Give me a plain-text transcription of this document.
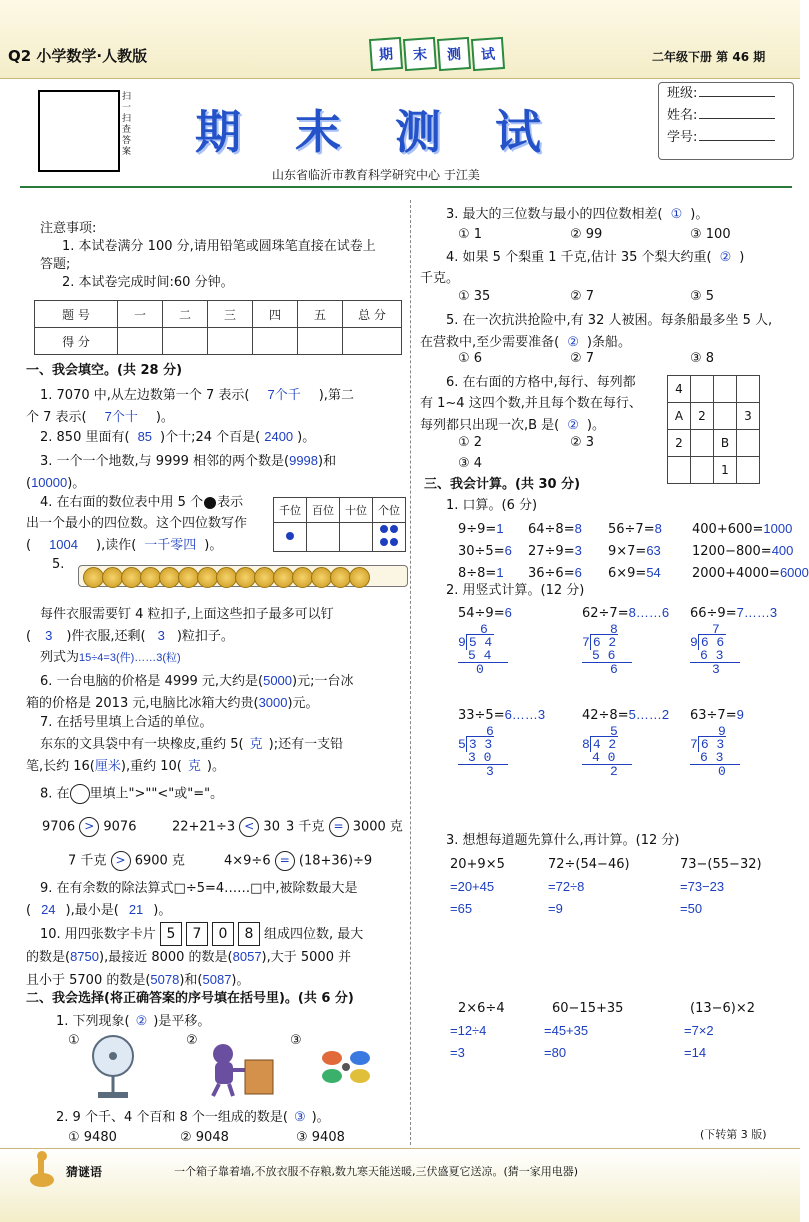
Q2 小学数学·人教版	期	末	测	试	二年级下册 第 46 期
扫一扫 查答案 期末测试
班级:
姓名:
学号:
山东省临沂市教育科学研究中心 于江美
注意事项:
1. 本试卷满分 100 分,请用铅笔或圆珠笔直接在试卷上
答题;
2. 本试卷完成时间:60 分钟。
题 号	一	二	三	四	五	总 分
得 分						
一、我会填空。(共 28 分)
1. 7070 中,从左边数第一个 7 表示( 7个千 ),第二
个 7 表示( 7个十 )。
2. 850 里面有( 85 )个十;24 个百是( 2400 )。
3. 一个一个地数,与 9999 相邻的两个数是(9998)和
(10000)。
4. 在右面的数位表中用 5 个 表示
出一个最小的四位数。这个四位数写作
( 1004 ),读作( 一千零四 )。
千位	百位	十位	个位

5.
每件衣服需要钉 4 粒扣子,上面这些扣子最多可以钉
( 3 )件衣服,还剩( 3 )粒扣子。
列式为15÷4=3(件)……3(粒)
6. 一台电脑的价格是 4999 元,大约是(5000)元;一台冰
箱的价格是 2013 元,电脑比冰箱大约贵(3000)元。
7. 在括号里填上合适的单位。
东东的文具袋中有一块橡皮,重约 5( 克 );还有一支铅
笔,长约 16(厘米),重约 10( 克 )。
8. 在 里填上">""<"或"="。
9706 > 9076	22+21÷3 < 30 3 千克 = 3000 克
7 千克 > 6900 克	4×9÷6 = (18+36)÷9
9. 在有余数的除法算式□÷5=4……□中,被除数最大是
( 24 ),最小是( 21 )。
10. 用四张数字卡片 5 7 0 8 组成四位数, 最大
的数是(8750),最接近 8000 的数是(8057),大于 5000 并
且小于 5700 的数是(5078)和(5087)。
二、我会选择(将正确答案的序号填在括号里)。(共 6 分)
1. 下列现象( ② )是平移。
①	②	③
2. 9 个千、4 个百和 8 个一组成的数是( ③ )。
① 9480	② 9048	③ 9408
3. 最大的三位数与最小的四位数相差( ① )。
① 1	② 99	③ 100
4. 如果 5 个梨重 1 千克,估计 35 个梨大约重( ② )
千克。
① 35	② 7	③ 5
5. 在一次抗洪抢险中,有 32 人被困。每条船最多坐 5 人,
在营救中,至少需要准备( ② )条船。
① 6	② 7	③ 8
6. 在右面的方格中,每行、每列都
有 1~4 这四个数,并且每个数在每行、
每列都只出现一次,B 是( ② )。
① 2	② 3
③ 4
4			
A	2		3
2		B	
		1	
三、我会计算。(共 30 分)
1. 口算。(6 分)
9÷9=1	64÷8=8	56÷7=8	400+600=1000
30÷5=6	27÷9=3	9×7=63	1200−800=400
8÷8=1	36÷6=6	6×9=54	2000+4000=6000
2. 用竖式计算。(12 分)
54÷9=6
6
9 5 4
5 4
0
62÷7=8……6
8
7 6 2
5 6
6
66÷9=7……3
7
9 6 6
6 3
3
33÷5=6……3
6
5 3 3
3 0
3
42÷8=5……2
5
8 4 2
4 0
2
63÷7=9
9
7 6 3
6 3
0
3. 想想每道题先算什么,再计算。(12 分)
20+9×5
=20+45
=65
72÷(54−46)
=72÷8
=9
73−(55−32)
=73−23
=50
2×6÷4
=12÷4
=3
60−15+35
=45+35
=80
(13−6)×2
=7×2
=14
(下转第 3 版)
猜谜语	一个箱子靠着墙,不放衣服不存粮,数九寒天能送暖,三伏盛夏它送凉。(猜一家用电器)
